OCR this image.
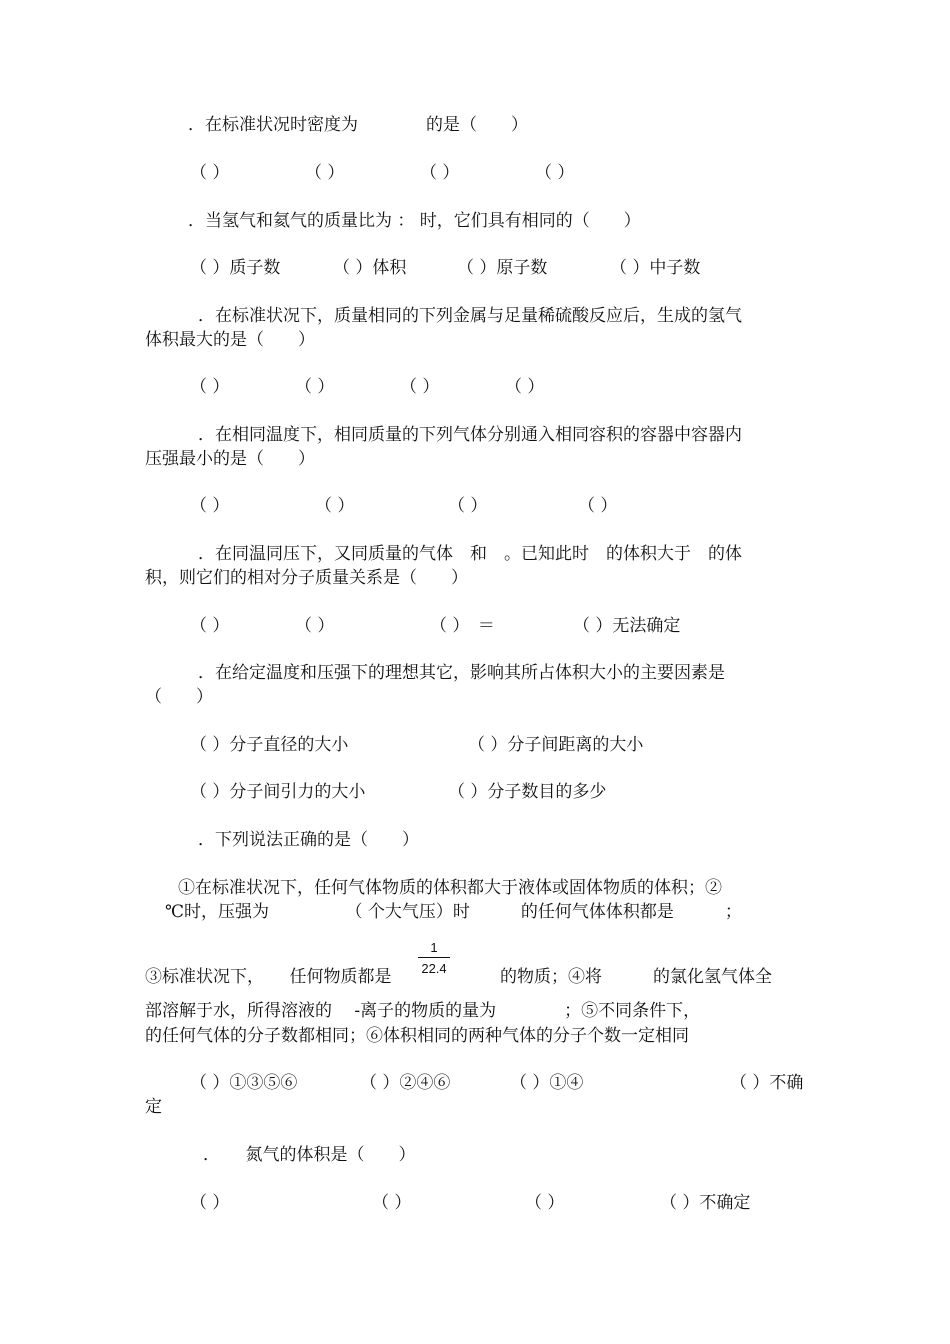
．在标准状况时密度为　　　　的是（　　）
（ ）	（ ）	（ ）	（ ）
．当氢气和氦气的质量比为 ： 时，它们具有相同的（　　）
（ ）质子数	（ ）体积	（ ）原子数	（ ）中子数
．在标准状况下，质量相同的下列金属与足量稀硫酸反应后，生成的氢气
体积最大的是（　　）
（ ）	（ ）	（ ）	（ ）
．在相同温度下，相同质量的下列气体分别通入相同容积的容器中容器内
压强最小的是（　　）
（ ）	（ ）	（ ）	（ ）
．在同温同压下，又同质量的气体　和　。已知此时　的体积大于　的体
积，则它们的相对分子质量关系是（　　）
（ ）	（ ）	（ ）　＝	（ ）无法确定
．在给定温度和压强下的理想其它，影响其所占体积大小的主要因素是
（　　）
（ ）分子直径的大小	（ ）分子间距离的大小
（ ）分子间引力的大小	（ ）分子数目的多少
．下列说法正确的是（　　）
①在标准状况下，任何气体物质的体积都大于液体或固体物质的体积；②
℃时，压强为　　　　　（ 个大气压）时　　　的任何气体体积都是　　　；
1
22.4
③标准状况下，　　任何物质都是	的物质；④将　　　的氯化氢气体全
部溶解于水，所得溶液的　 -离子的物质的量为　　　　；⑤不同条件下，
的任何气体的分子数都相同；⑥体积相同的两种气体的分子个数一定相同
（ ）①③⑤⑥	（ ）②④⑥	（ ）①④	（ ）不确
定
．　　氮气的体积是（　　）
（ ）	（ ）	（ ）	（ ）不确定
